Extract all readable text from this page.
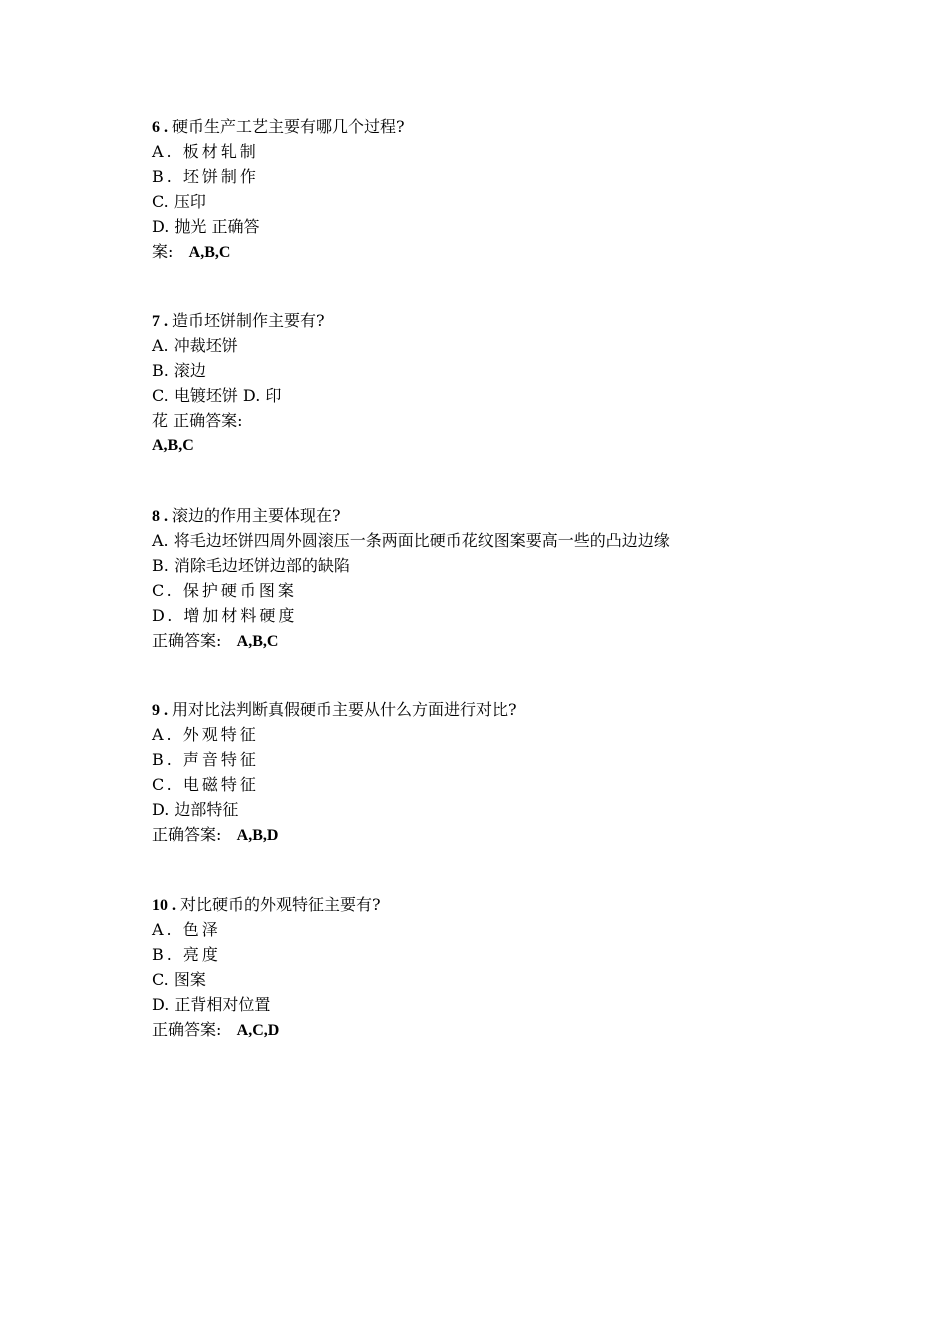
6 . 硬币生产工艺主要有哪几个过程?
A. 板材轧制
B. 坯饼制作
C. 压印
D. 抛光 正确答
案: A,B,C
7 . 造币坯饼制作主要有?
A. 冲裁坯饼
B. 滚边
C. 电镀坯饼 D. 印
花 正确答案:
A,B,C
8 . 滚边的作用主要体现在?
A. 将毛边坯饼四周外圆滚压一条两面比硬币花纹图案要高一些的凸边边缘
B. 消除毛边坯饼边部的缺陷
C. 保护硬币图案
D. 增加材料硬度
正确答案: A,B,C
9 . 用对比法判断真假硬币主要从什么方面进行对比?
A. 外观特征
B. 声音特征
C. 电磁特征
D. 边部特征
正确答案: A,B,D
10 . 对比硬币的外观特征主要有?
A. 色泽
B. 亮度
C. 图案
D. 正背相对位置
正确答案: A,C,D
